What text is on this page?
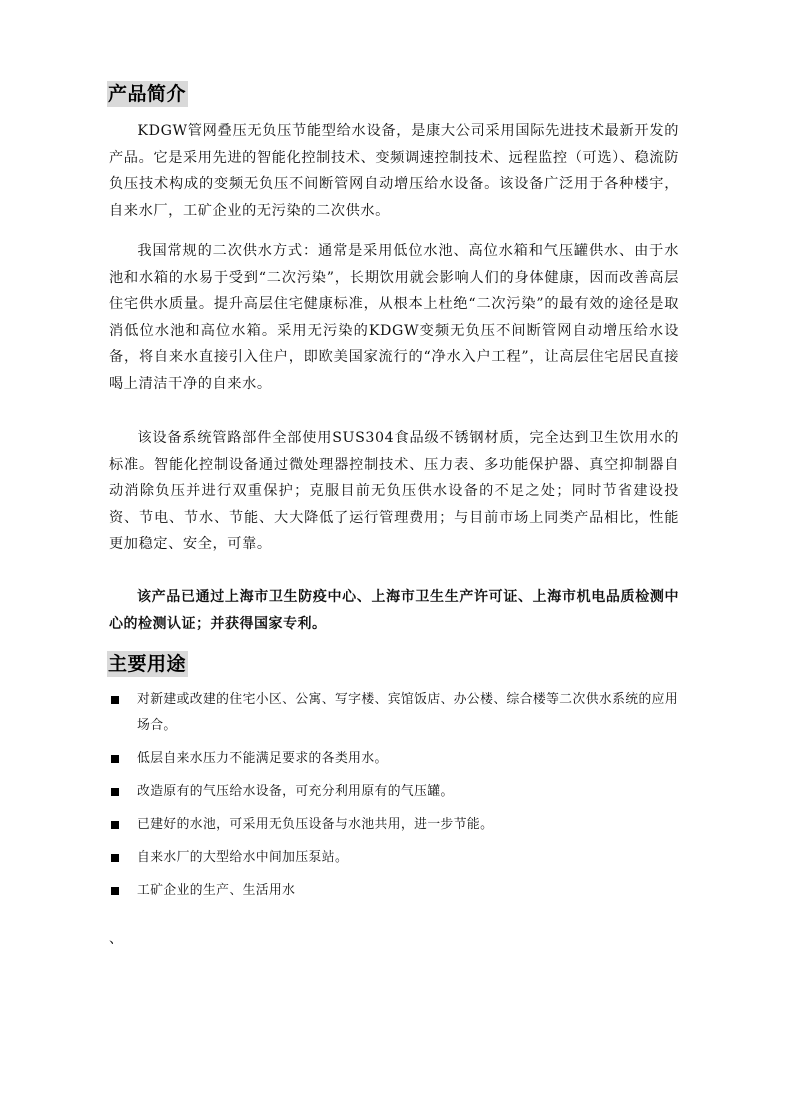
产品简介

KDGW管网叠压无负压节能型给水设备，是康大公司采用国际先进技术最新开发的产品。它是采用先进的智能化控制技术、变频调速控制技术、远程监控（可选）、稳流防负压技术构成的变频无负压不间断管网自动增压给水设备。该设备广泛用于各种楼宇，自来水厂，工矿企业的无污染的二次供水。

我国常规的二次供水方式：通常是采用低位水池、高位水箱和气压罐供水、由于水池和水箱的水易于受到“二次污染”，长期饮用就会影响人们的身体健康，因而改善高层住宅供水质量。提升高层住宅健康标准，从根本上杜绝“二次污染”的最有效的途径是取消低位水池和高位水箱。采用无污染的KDGW变频无负压不间断管网自动增压给水设备，将自来水直接引入住户，即欧美国家流行的“净水入户工程”，让高层住宅居民直接喝上清洁干净的自来水。

该设备系统管路部件全部使用SUS304食品级不锈钢材质，完全达到卫生饮用水的标准。智能化控制设备通过微处理器控制技术、压力表、多功能保护器、真空抑制器自动消除负压并进行双重保护；克服目前无负压供水设备的不足之处；同时节省建设投资、节电、节水、节能、大大降低了运行管理费用；与目前市场上同类产品相比，性能更加稳定、安全，可靠。

该产品已通过上海市卫生防疫中心、上海市卫生生产许可证、上海市机电品质检测中心的检测认证；并获得国家专利。

主要用途
对新建或改建的住宅小区、公寓、写字楼、宾馆饭店、办公楼、综合楼等二次供水系统的应用场合。
低层自来水压力不能满足要求的各类用水。
改造原有的气压给水设备，可充分利用原有的气压罐。
已建好的水池，可采用无负压设备与水池共用，进一步节能。
自来水厂的大型给水中间加压泵站。
工矿企业的生产、生活用水
、
